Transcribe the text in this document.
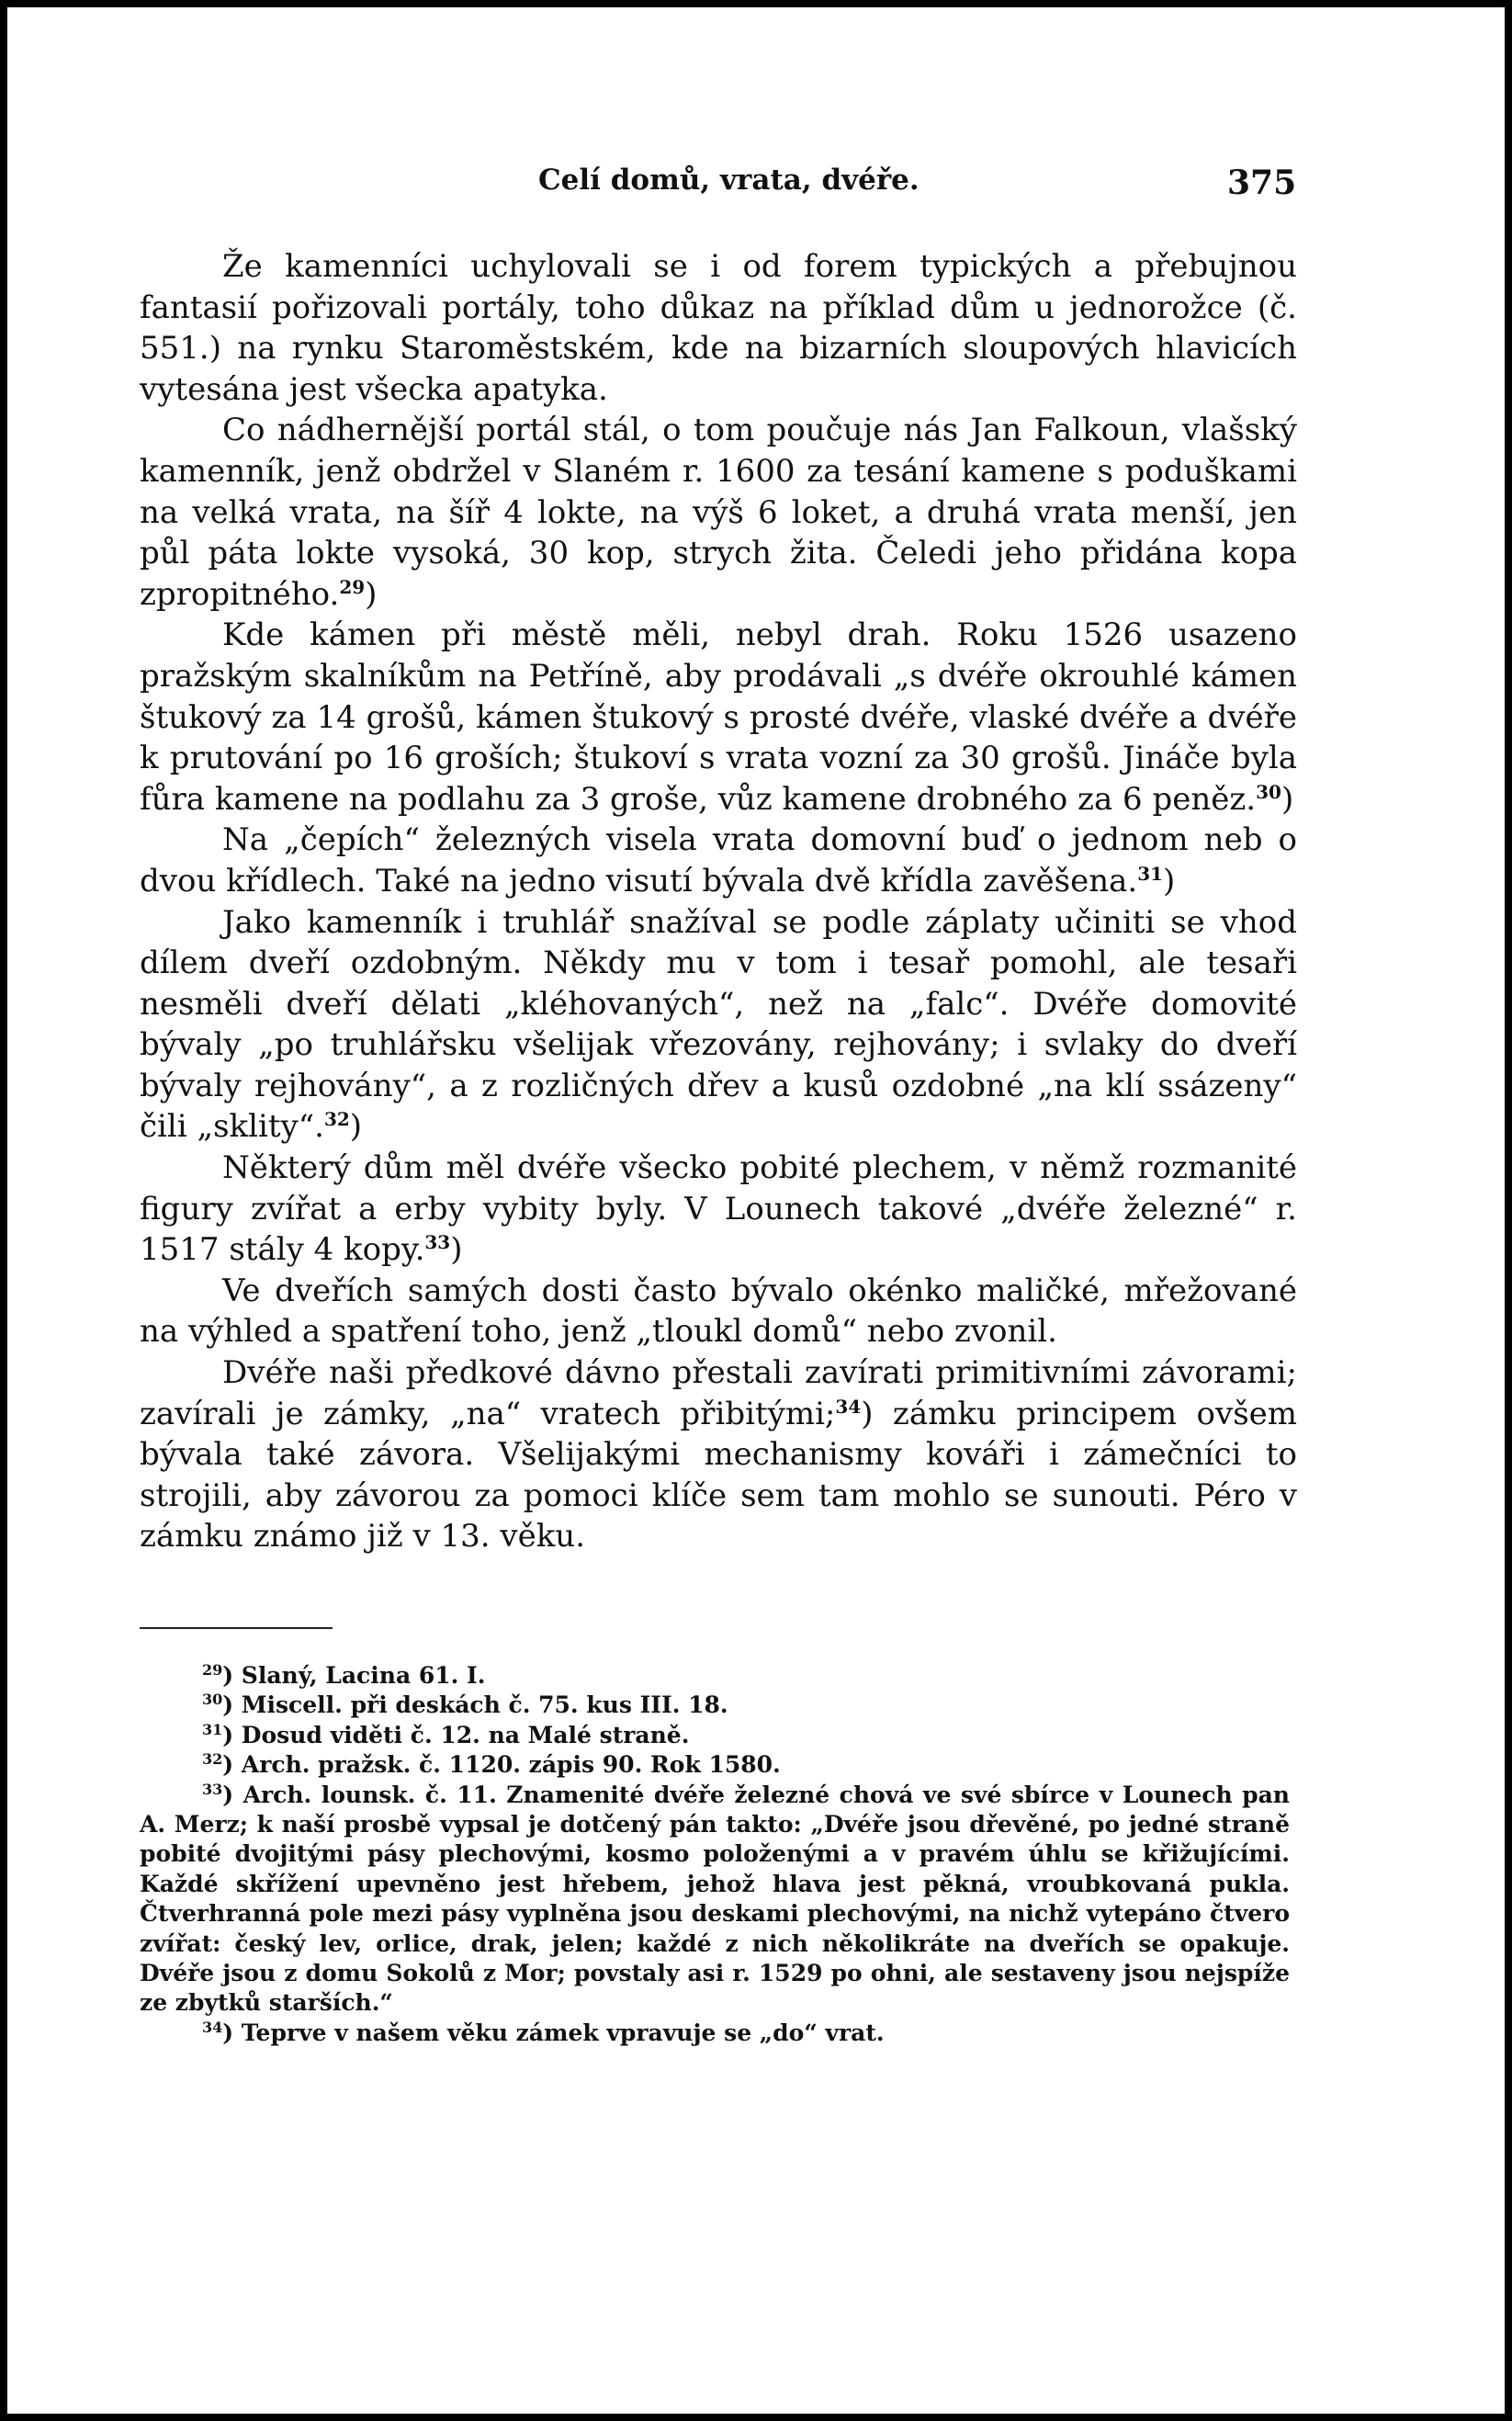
Celí domů, vrata, dvéře.	375

Že kamenníci uchylovali se i od forem typických a přebujnou fantasií pořizovali portály, toho důkaz na příklad dům u jednorožce (č. 551.) na rynku Staroměstském, kde na bizarních sloupových hlavicích vytesána jest všecka apatyka.

Co nádhernější portál stál, o tom poučuje nás Jan Falkoun, vlašský kamenník, jenž obdržel v Slaném r. 1600 za tesání kamene s poduškami na velká vrata, na šíř 4 lokte, na výš 6 loket, a druhá vrata menší, jen půl páta lokte vysoká, 30 kop, strych žita. Čeledi jeho přidána kopa zpropitného.$^{29}$)

Kde kámen při městě měli, nebyl drah. Roku 1526 usazeno pražským skalníkům na Petříně, aby prodávali „s dvéře okrouhlé kámen štukový za 14 grošů, kámen štukový s prosté dvéře, vlaské dvéře a dvéře k prutování po 16 groších; štukoví s vrata vozní za 30 grošů. Jináče byla fůra kamene na podlahu za 3 groše, vůz kamene drobného za 6 peněz.$^{30}$)

Na „čepích“ železných visela vrata domovní buď o jednom neb o dvou křídlech. Také na jedno visutí bývala dvě křídla zavěšena.$^{31}$)

Jako kamenník i truhlář snažíval se podle záplaty učiniti se vhod dílem dveří ozdobným. Někdy mu v tom i tesař pomohl, ale tesaři nesměli dveří dělati „kléhovaných“, než na „falc“. Dvéře domovité bývaly „po truhlářsku všelijak vřezovány, rejhovány; i svlaky do dveří bývaly rejhovány“, a z rozličných dřev a kusů ozdobné „na klí ssázeny“ čili „sklity“.$^{32}$)

Některý dům měl dvéře všecko pobité plechem, v němž rozmanité figury zvířat a erby vybity byly. V Lounech takové „dvéře železné“ r. 1517 stály 4 kopy.$^{33}$)

Ve dveřích samých dosti často bývalo okénko maličké, mřežované na výhled a spatření toho, jenž „tloukl domů“ nebo zvonil.

Dvéře naši předkové dávno přestali zavírati primitivními závorami; zavírali je zámky, „na“ vratech přibitými;$^{34}$) zámku principem ovšem bývala také závora. Všelijakými mechanismy kováři i zámečníci to strojili, aby závorou za pomoci klíče sem tam mohlo se sunouti. Péro v zámku známo již v 13. věku.

$^{29}$) Slaný, Lacina 61. I.

$^{30}$) Miscell. při deskách č. 75. kus III. 18.

$^{31}$) Dosud viděti č. 12. na Malé straně.

$^{32}$) Arch. pražsk. č. 1120. zápis 90. Rok 1580.

$^{33}$) Arch. lounsk. č. 11. Znamenité dvéře železné chová ve své sbírce v Lounech pan A. Merz; k naší prosbě vypsal je dotčený pán takto: „Dvéře jsou dřevěné, po jedné straně pobité dvojitými pásy plechovými, kosmo položenými a v pravém úhlu se křižujícími. Každé skřížení upevněno jest hřebem, jehož hlava jest pěkná, vroubkovaná pukla. Čtverhranná pole mezi pásy vyplněna jsou deskami plechovými, na nichž vytepáno čtvero zvířat: český lev, orlice, drak, jelen; každé z nich několikráte na dveřích se opakuje. Dvéře jsou z domu Sokolů z Mor; povstaly asi r. 1529 po ohni, ale sestaveny jsou nejspíže ze zbytků starších.“

$^{34}$) Teprve v našem věku zámek vpravuje se „do“ vrat.
